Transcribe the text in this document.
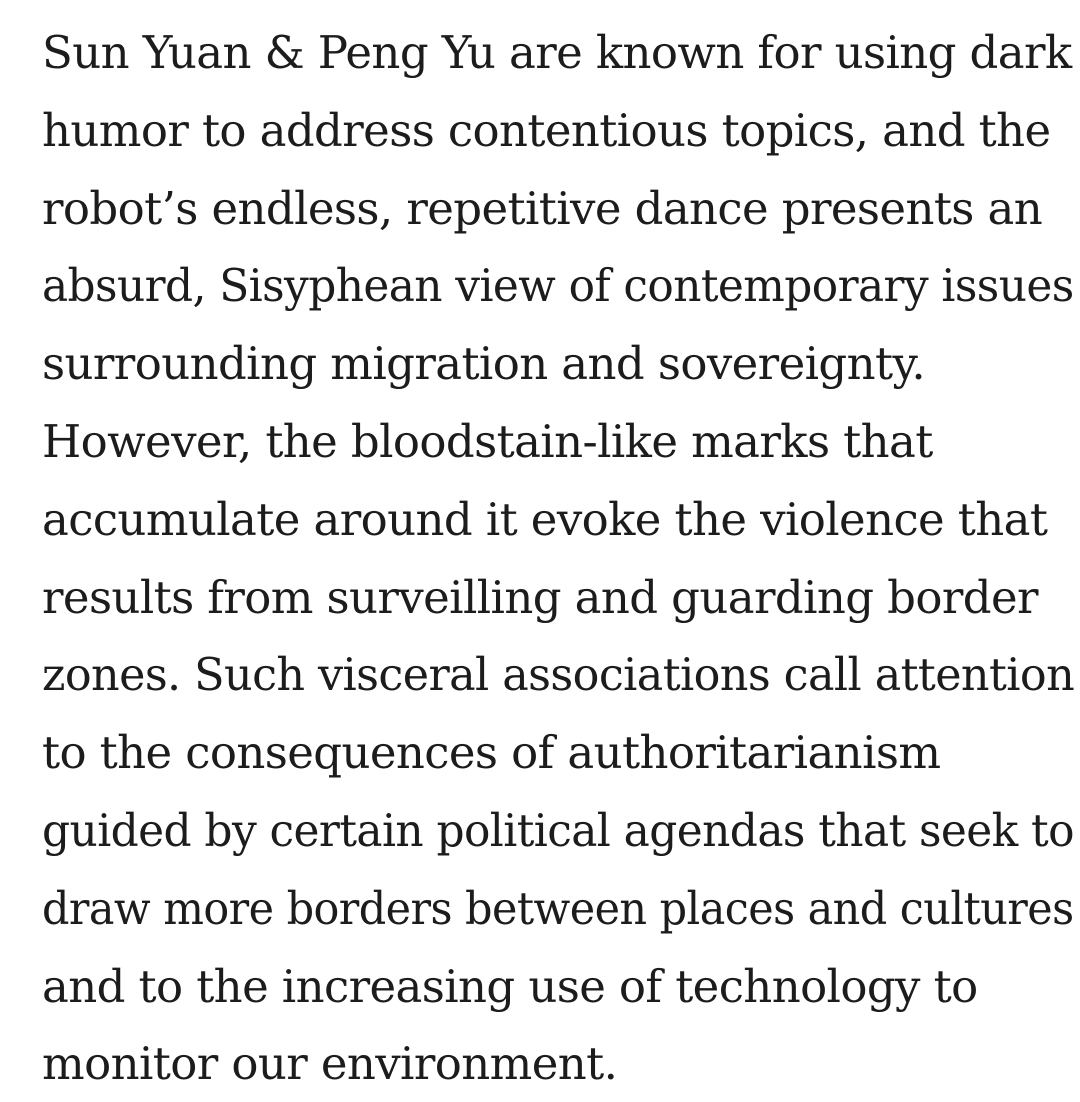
Sun Yuan & Peng Yu are known for using dark
humor to address contentious topics, and the
robot’s endless, repetitive dance presents an
absurd, Sisyphean view of contemporary issues
surrounding migration and sovereignty.
However, the bloodstain-like marks that
accumulate around it evoke the violence that
results from surveilling and guarding border
zones. Such visceral associations call attention
to the consequences of authoritarianism
guided by certain political agendas that seek to
draw more borders between places and cultures
and to the increasing use of technology to
monitor our environment.
